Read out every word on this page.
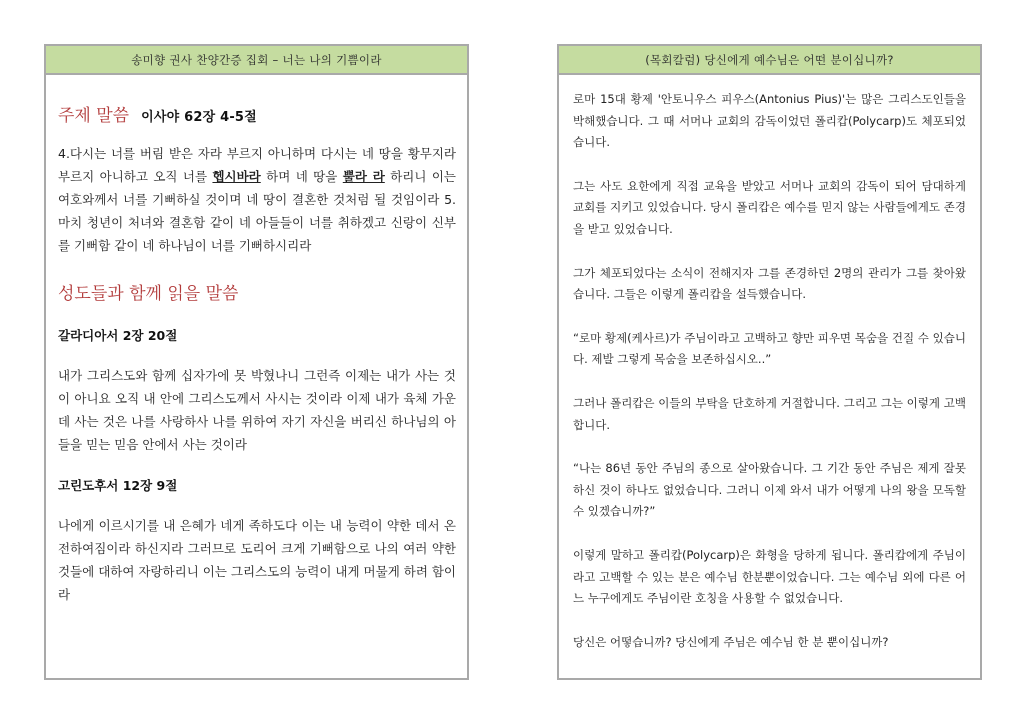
송미향 권사 찬양간증 집회 – 너는 나의 기쁨이라
주제 말씀 이사야 62장 4-5절

4.다시는 너를 버림 받은 자라 부르지 아니하며 다시는 네 땅을 황무지라 부르지 아니하고 오직 너를 헵시바라 하며 네 땅을 뿔라 라 하리니 이는 여호와께서 너를 기뻐하실 것이며 네 땅이 결혼한 것처럼 될 것임이라 5.마치 청년이 처녀와 결혼함 같이 네 아들들이 너를 취하겠고 신랑이 신부를 기뻐함 같이 네 하나님이 너를 기뻐하시리라

성도들과 함께 읽을 말씀
갈라디아서 2장 20절

내가 그리스도와 함께 십자가에 못 박혔나니 그런즉 이제는 내가 사는 것이 아니요 오직 내 안에 그리스도께서 사시는 것이라 이제 내가 육체 가운데 사는 것은 나를 사랑하사 나를 위하여 자기 자신을 버리신 하나님의 아들을 믿는 믿음 안에서 사는 것이라

고린도후서 12장 9절

나에게 이르시기를 내 은혜가 네게 족하도다 이는 내 능력이 약한 데서 온전하여짐이라 하신지라 그러므로 도리어 크게 기뻐함으로 나의 여러 약한 것들에 대하여 자랑하리니 이는 그리스도의 능력이 내게 머물게 하려 함이라

(목회칼럼) 당신에게 예수님은 어떤 분이십니까?

로마 15대 황제 '안토니우스 피우스(Antonius Pius)'는 많은 그리스도인들을 박해했습니다. 그 때 서머나 교회의 감독이었던 폴리캅(Polycarp)도 체포되었습니다.

그는 사도 요한에게 직접 교육을 받았고 서머나 교회의 감독이 되어 담대하게 교회를 지키고 있었습니다. 당시 폴리캅은 예수를 믿지 않는 사람들에게도 존경을 받고 있었습니다.

그가 체포되었다는 소식이 전해지자 그를 존경하던 2명의 관리가 그를 찾아왔습니다. 그들은 이렇게 폴리캅을 설득했습니다.

“로마 황제(케사르)가 주님이라고 고백하고 향만 피우면 목숨을 건질 수 있습니다. 제발 그렇게 목숨을 보존하십시오..”

그러나 폴리캅은 이들의 부탁을 단호하게 거절합니다. 그리고 그는 이렇게 고백합니다.

“나는 86년 동안 주님의 종으로 살아왔습니다. 그 기간 동안 주님은 제게 잘못하신 것이 하나도 없었습니다. 그러니 이제 와서 내가 어떻게 나의 왕을 모독할 수 있겠습니까?”

이렇게 말하고 폴리캅(Polycarp)은 화형을 당하게 됩니다. 폴리캅에게 주님이라고 고백할 수 있는 분은 예수님 한분뿐이었습니다. 그는 예수님 외에 다른 어느 누구에게도 주님이란 호칭을 사용할 수 없었습니다.

당신은 어떻습니까? 당신에게 주님은 예수님 한 분 뿐이십니까?
